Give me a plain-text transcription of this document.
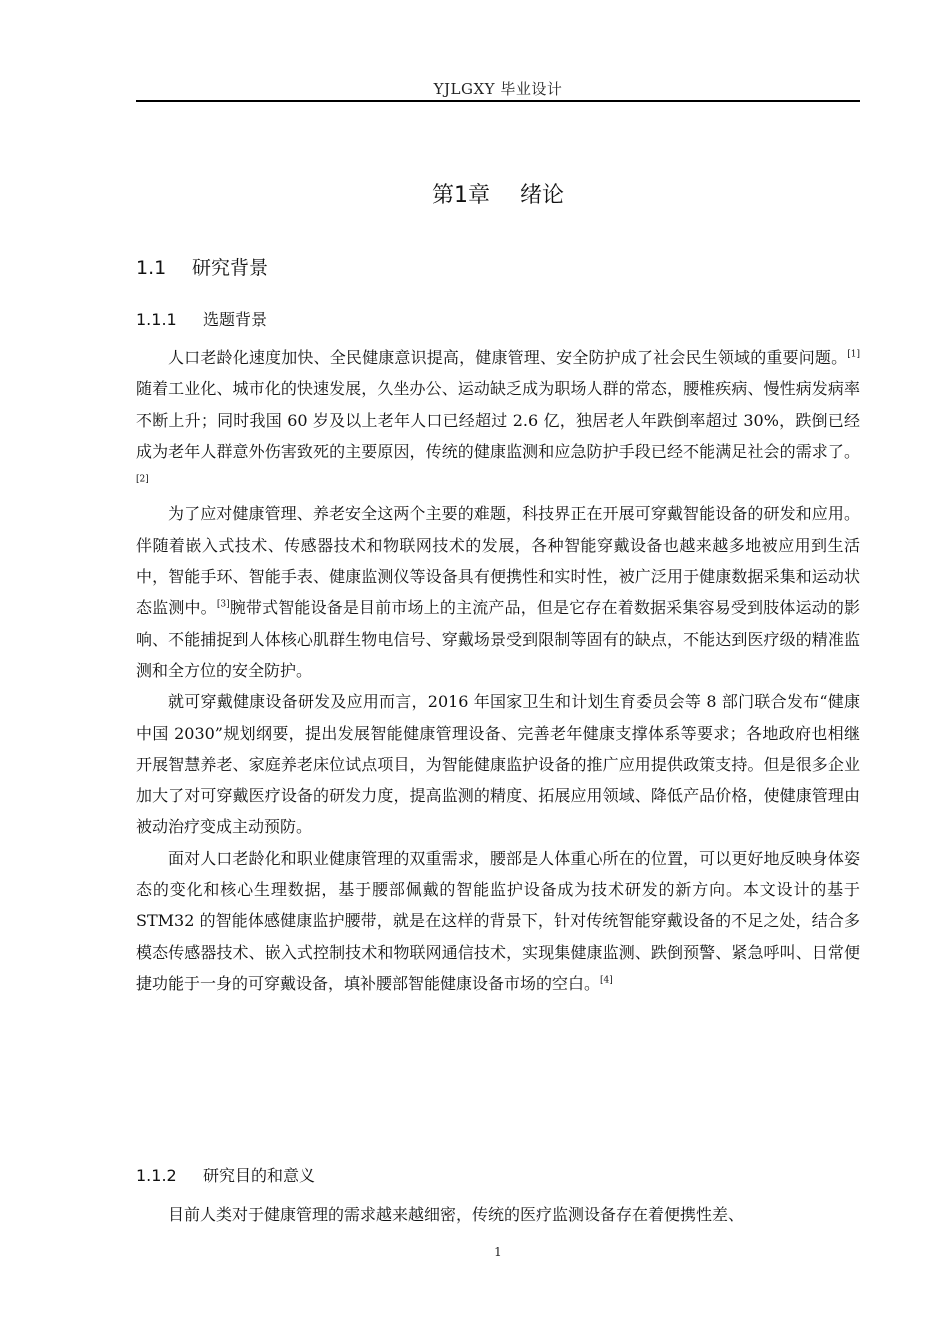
YJLGXY 毕业设计
第1章 绪论
1.1 研究背景
1.1.1 选题背景

人口老龄化速度加快、全民健康意识提高，健康管理、安全防护成了社会民生领域的重要问题。[1]随着工业化、城市化的快速发展，久坐办公、运动缺乏成为职场人群的常态，腰椎疾病、慢性病发病率不断上升；同时我国 60 岁及以上老年人口已经超过 2.6 亿，独居老人年跌倒率超过 30%，跌倒已经成为老年人群意外伤害致死的主要原因，传统的健康监测和应急防护手段已经不能满足社会的需求了。[2]

为了应对健康管理、养老安全这两个主要的难题，科技界正在开展可穿戴智能设备的研发和应用。伴随着嵌入式技术、传感器技术和物联网技术的发展，各种智能穿戴设备也越来越多地被应用到生活中，智能手环、智能手表、健康监测仪等设备具有便携性和实时性，被广泛用于健康数据采集和运动状态监测中。[3]腕带式智能设备是目前市场上的主流产品，但是它存在着数据采集容易受到肢体运动的影响、不能捕捉到人体核心肌群生物电信号、穿戴场景受到限制等固有的缺点，不能达到医疗级的精准监测和全方位的安全防护。

就可穿戴健康设备研发及应用而言，2016 年国家卫生和计划生育委员会等 8 部门联合发布“健康中国 2030”规划纲要，提出发展智能健康管理设备、完善老年健康支撑体系等要求；各地政府也相继开展智慧养老、家庭养老床位试点项目，为智能健康监护设备的推广应用提供政策支持。但是很多企业加大了对可穿戴医疗设备的研发力度，提高监测的精度、拓展应用领域、降低产品价格，使健康管理由被动治疗变成主动预防。

面对人口老龄化和职业健康管理的双重需求，腰部是人体重心所在的位置，可以更好地反映身体姿态的变化和核心生理数据，基于腰部佩戴的智能监护设备成为技术研发的新方向。本文设计的基于 STM32 的智能体感健康监护腰带，就是在这样的背景下，针对传统智能穿戴设备的不足之处，结合多模态传感器技术、嵌入式控制技术和物联网通信技术，实现集健康监测、跌倒预警、紧急呼叫、日常便捷功能于一身的可穿戴设备，填补腰部智能健康设备市场的空白。[4]

1.1.2 研究目的和意义

目前人类对于健康管理的需求越来越细密，传统的医疗监测设备存在着便携性差、

1
